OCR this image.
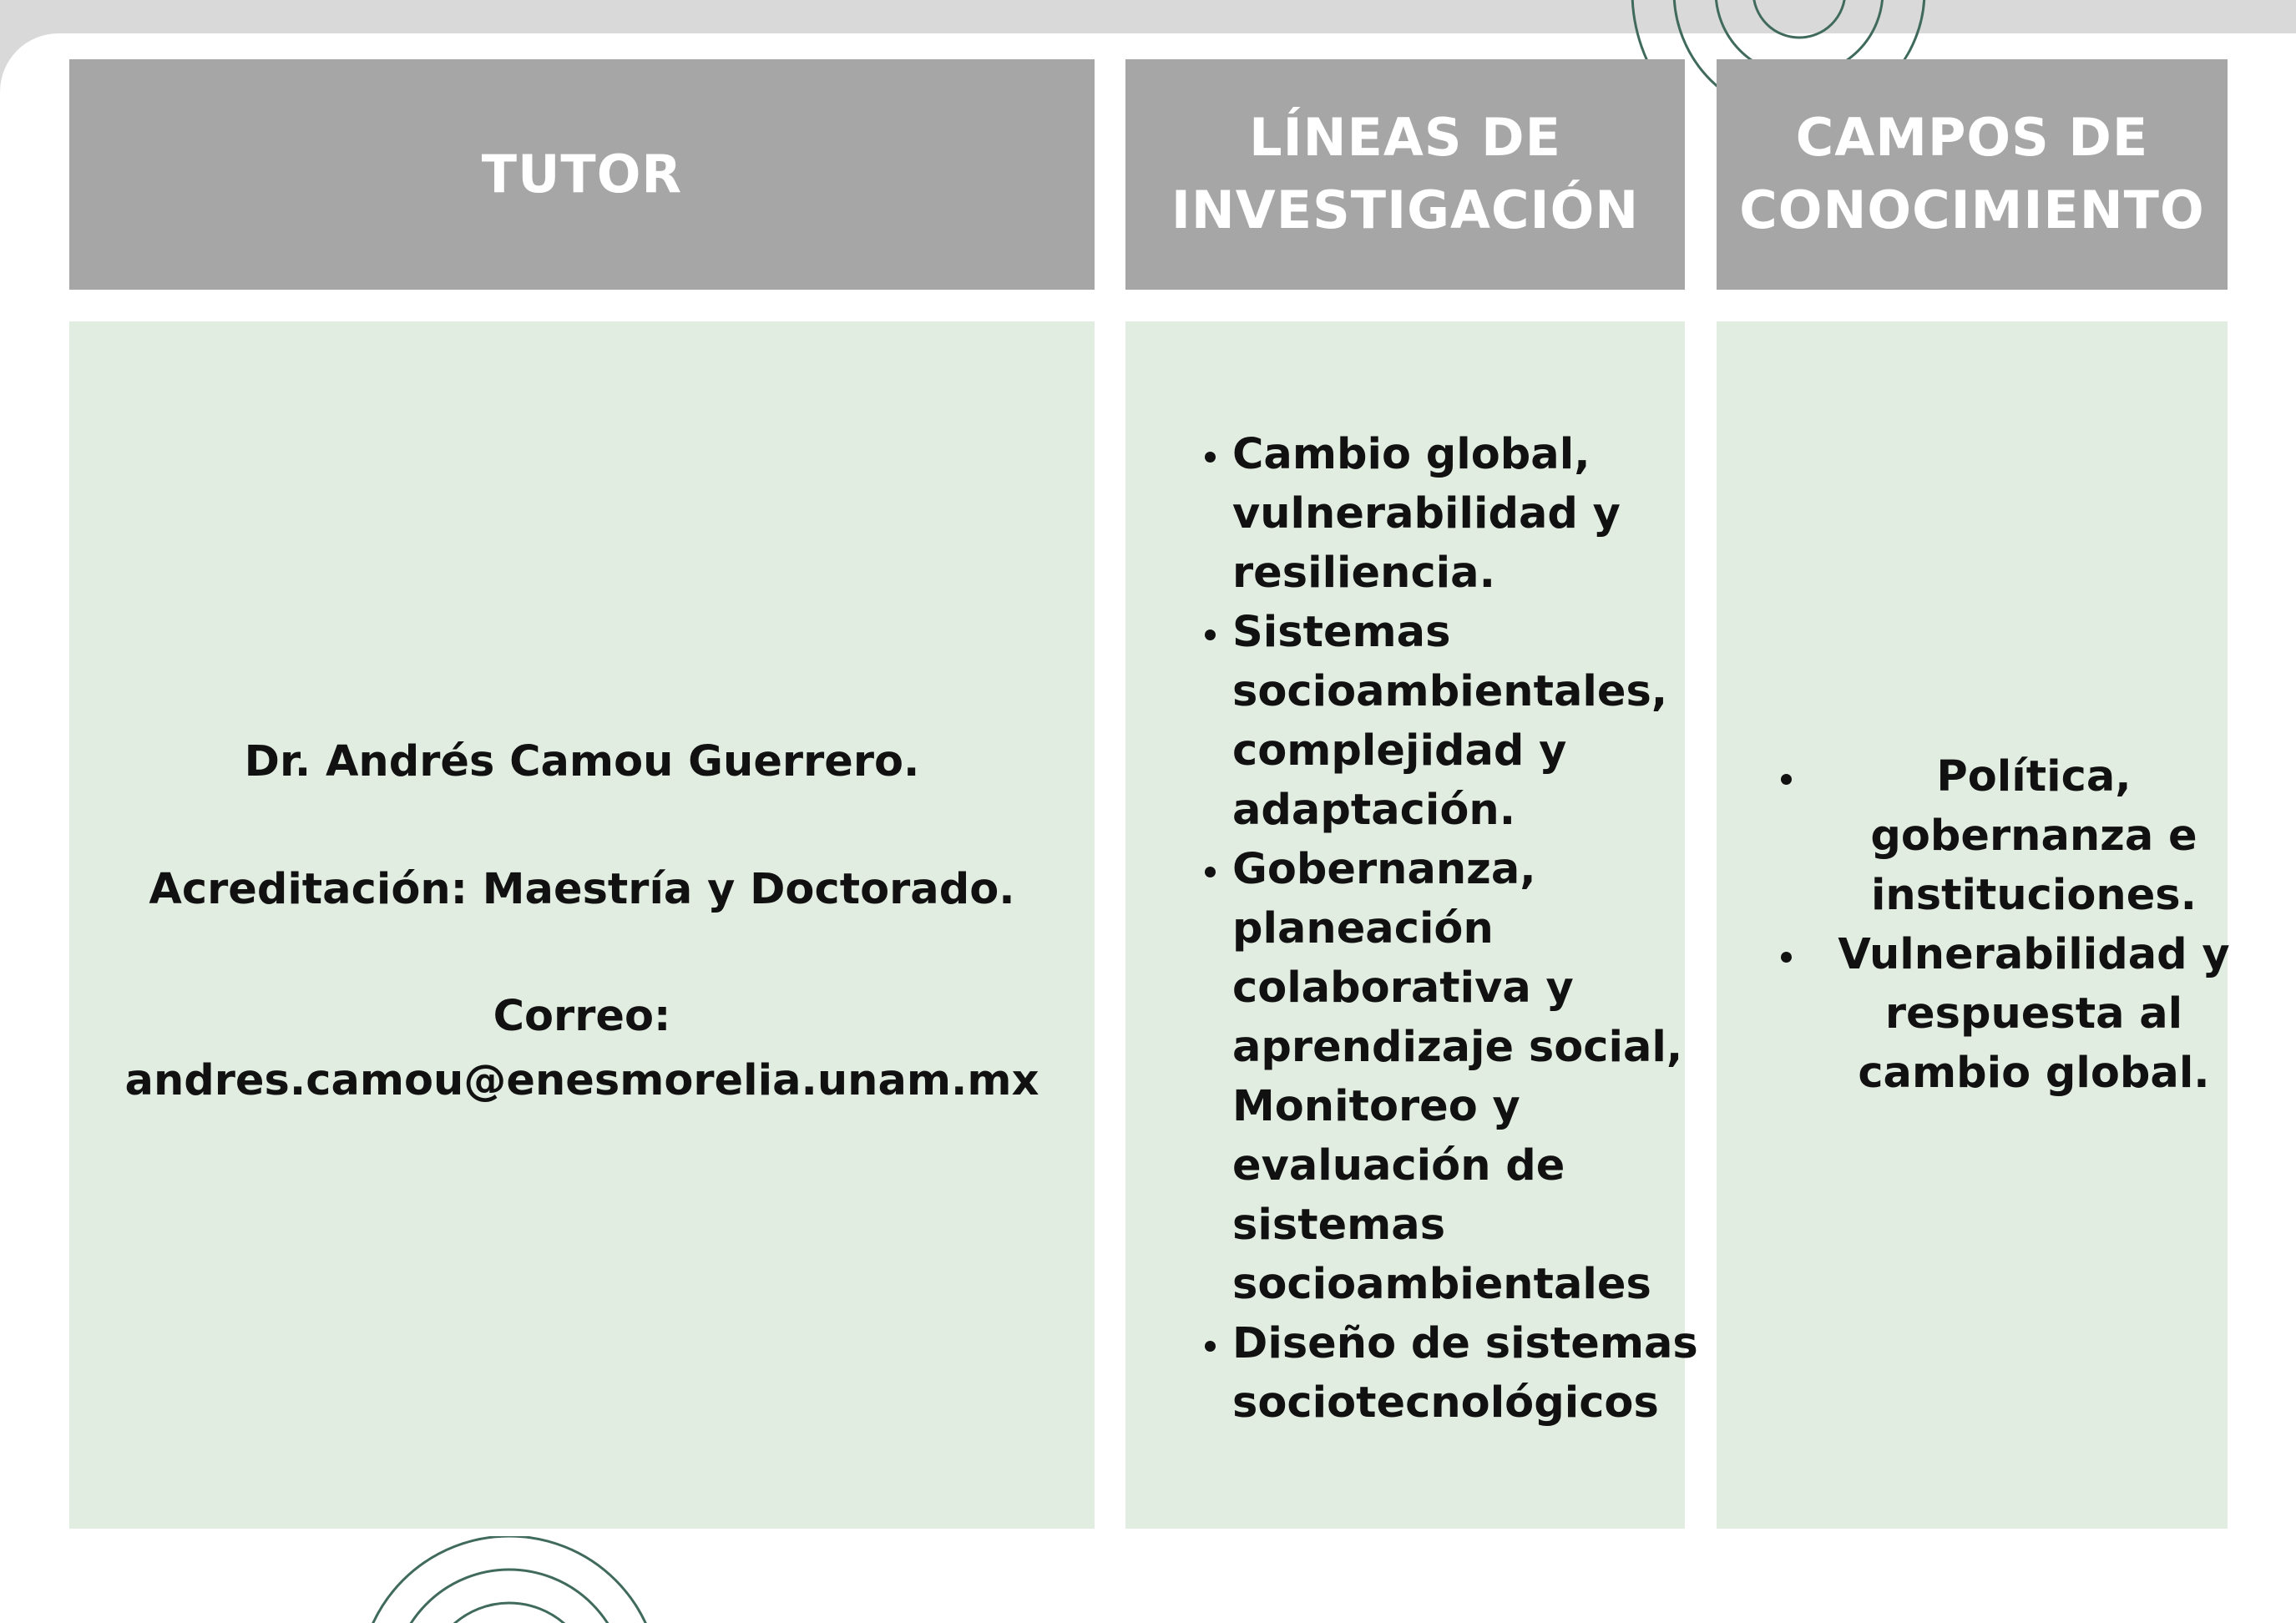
TUTOR
LÍNEAS DE
INVESTIGACIÓN
CAMPOS DE
CONOCIMIENTO

Dr. Andrés Camou Guerrero.

Acreditación: Maestría y Doctorado.

Correo:
andres.camou@enesmorelia.unam.mx

• Cambio global, vulnerabilidad y resiliencia.
• Sistemas socioambientales, complejidad y adaptación.
• Gobernanza, planeación colaborativa y aprendizaje social, Monitoreo y evaluación de sistemas socioambientales
• Diseño de sistemas sociotecnológicos
• Política, gobernanza e instituciones.
• Vulnerabilidad y respuesta al cambio global.
